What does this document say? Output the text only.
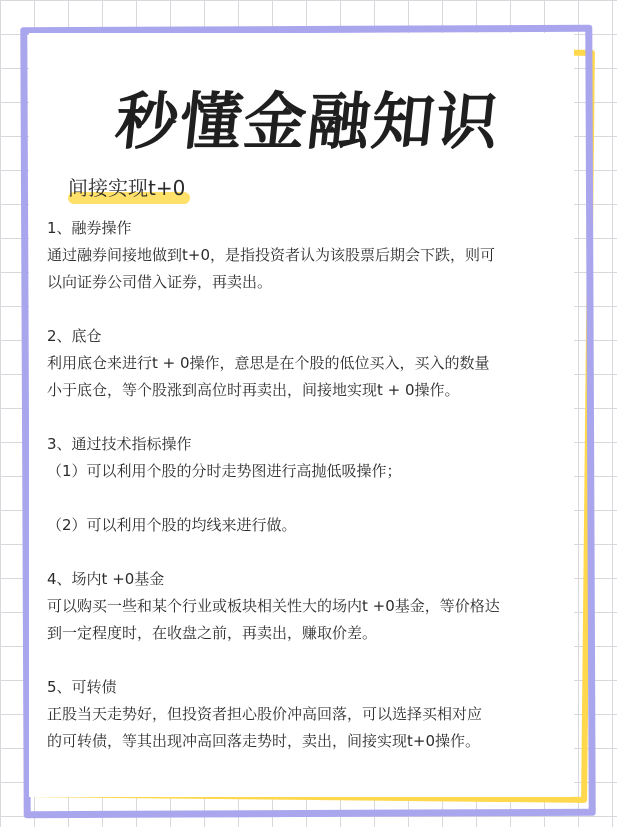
秒懂金融知识
间接实现t+0

1、融券操作

通过融券间接地做到t+0，是指投资者认为该股票后期会下跌，则可

以向证券公司借入证券，再卖出。

2、底仓

利用底仓来进行t + 0操作，意思是在个股的低位买入，买入的数量

小于底仓，等个股涨到高位时再卖出，间接地实现t + 0操作。

3、通过技术指标操作

（1）可以利用个股的分时走势图进行高抛低吸操作；

（2）可以利用个股的均线来进行做。

4、场内t +0基金

可以购买一些和某个行业或板块相关性大的场内t +0基金，等价格达

到一定程度时，在收盘之前，再卖出，赚取价差。

5、可转债

正股当天走势好，但投资者担心股价冲高回落，可以选择买相对应

的可转债，等其出现冲高回落走势时，卖出，间接实现t+0操作。
